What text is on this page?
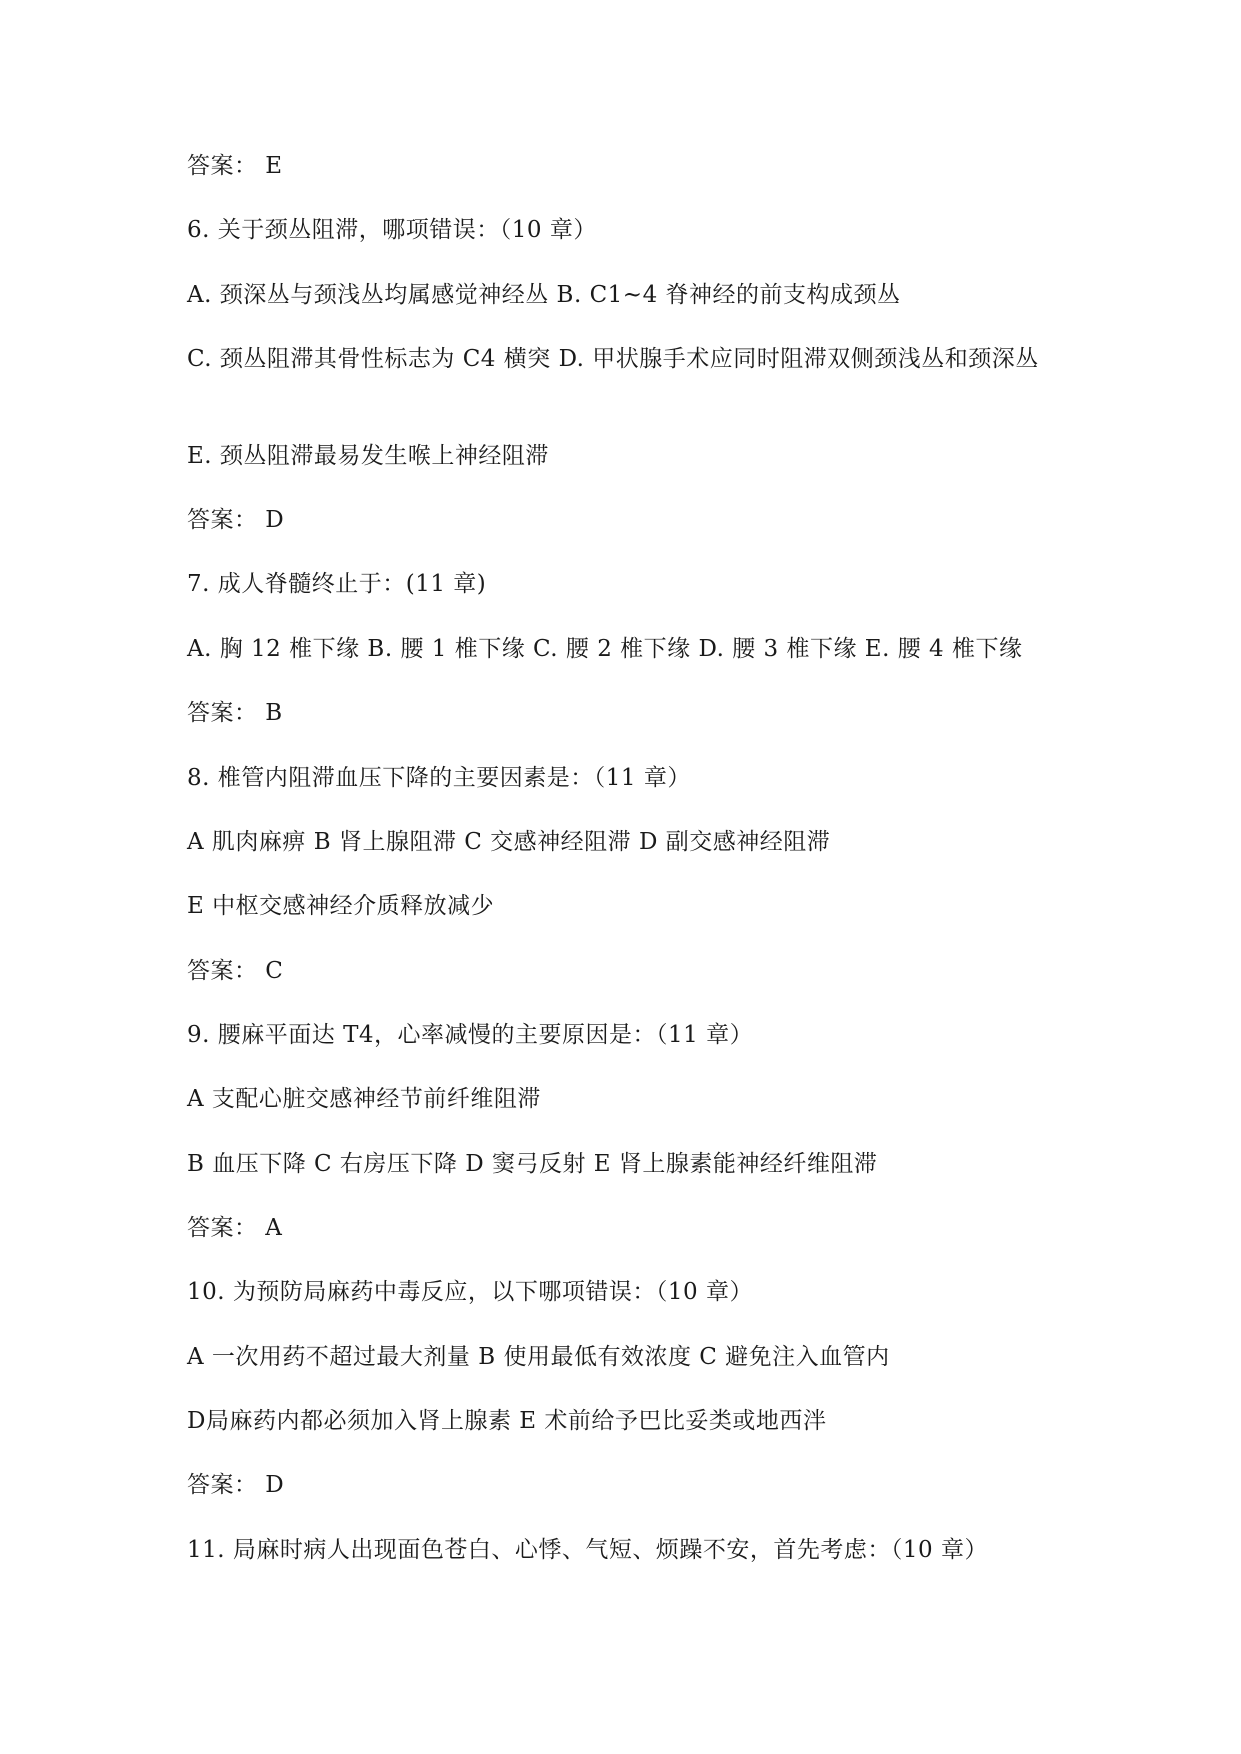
答案： E
6. 关于颈丛阻滞，哪项错误：（10 章）
A. 颈深丛与颈浅丛均属感觉神经丛 B. C1~4 脊神经的前支构成颈丛
C. 颈丛阻滞其骨性标志为 C4 横突 D. 甲状腺手术应同时阻滞双侧颈浅丛和颈深丛
E. 颈丛阻滞最易发生喉上神经阻滞
答案： D
7. 成人脊髓终止于：(11 章)
A. 胸 12 椎下缘 B. 腰 1 椎下缘 C. 腰 2 椎下缘 D. 腰 3 椎下缘 E. 腰 4 椎下缘
答案： B
8. 椎管内阻滞血压下降的主要因素是：（11 章）
A 肌肉麻痹 B 肾上腺阻滞 C 交感神经阻滞 D 副交感神经阻滞
E 中枢交感神经介质释放减少
答案： C
9. 腰麻平面达 T4，心率减慢的主要原因是：（11 章）
A 支配心脏交感神经节前纤维阻滞
B 血压下降 C 右房压下降 D 窦弓反射 E 肾上腺素能神经纤维阻滞
答案： A
10. 为预防局麻药中毒反应，以下哪项错误：（10 章）
A 一次用药不超过最大剂量 B 使用最低有效浓度 C 避免注入血管内
D局麻药内都必须加入肾上腺素 E 术前给予巴比妥类或地西泮
答案： D
11. 局麻时病人出现面色苍白、心悸、气短、烦躁不安，首先考虑：（10 章）
